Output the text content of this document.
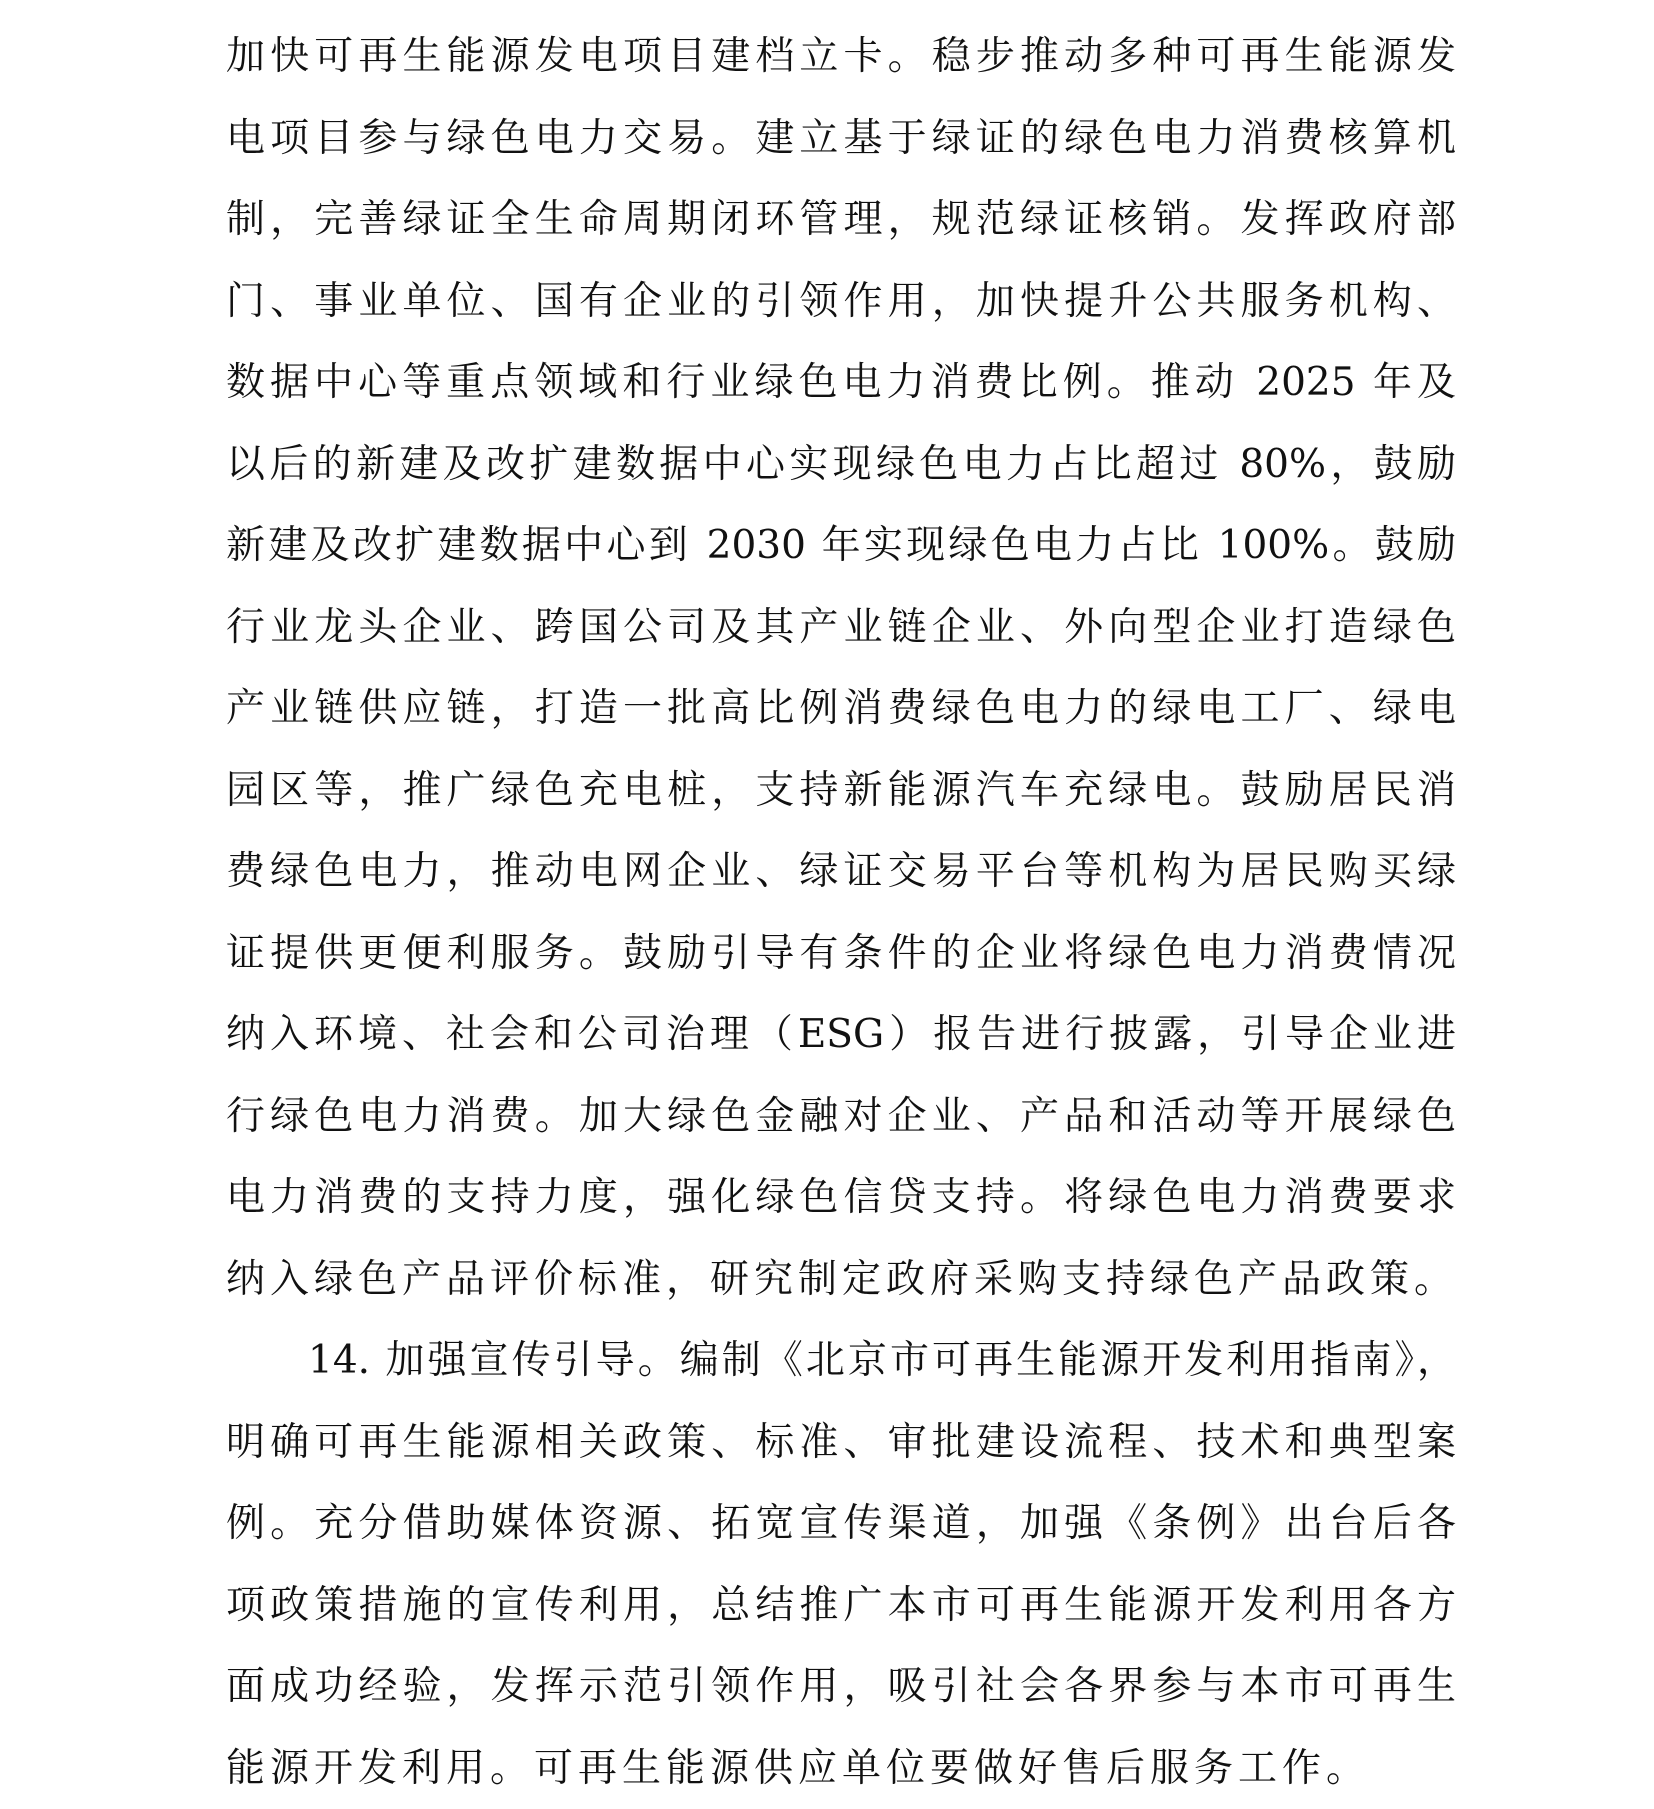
加快可再生能源发电项目建档立卡。稳步推动多种可再生能源发
电项目参与绿色电力交易。建立基于绿证的绿色电力消费核算机
制，完善绿证全生命周期闭环管理，规范绿证核销。发挥政府部
门、事业单位、国有企业的引领作用，加快提升公共服务机构、
数据中心等重点领域和行业绿色电力消费比例。推动 2025 年及
以后的新建及改扩建数据中心实现绿色电力占比超过 80%，鼓励
新建及改扩建数据中心到 2030 年实现绿色电力占比 100%。鼓励
行业龙头企业、跨国公司及其产业链企业、外向型企业打造绿色
产业链供应链，打造一批高比例消费绿色电力的绿电工厂、绿电
园区等，推广绿色充电桩，支持新能源汽车充绿电。鼓励居民消
费绿色电力，推动电网企业、绿证交易平台等机构为居民购买绿
证提供更便利服务。鼓励引导有条件的企业将绿色电力消费情况
纳入环境、社会和公司治理（ESG）报告进行披露，引导企业进
行绿色电力消费。加大绿色金融对企业、产品和活动等开展绿色
电力消费的支持力度，强化绿色信贷支持。将绿色电力消费要求
纳入绿色产品评价标准，研究制定政府采购支持绿色产品政策。
14. 加强宣传引导。编制《北京市可再生能源开发利用指南》，
明确可再生能源相关政策、标准、审批建设流程、技术和典型案
例。充分借助媒体资源、拓宽宣传渠道，加强《条例》出台后各
项政策措施的宣传利用，总结推广本市可再生能源开发利用各方
面成功经验，发挥示范引领作用，吸引社会各界参与本市可再生
能源开发利用。可再生能源供应单位要做好售后服务工作。
